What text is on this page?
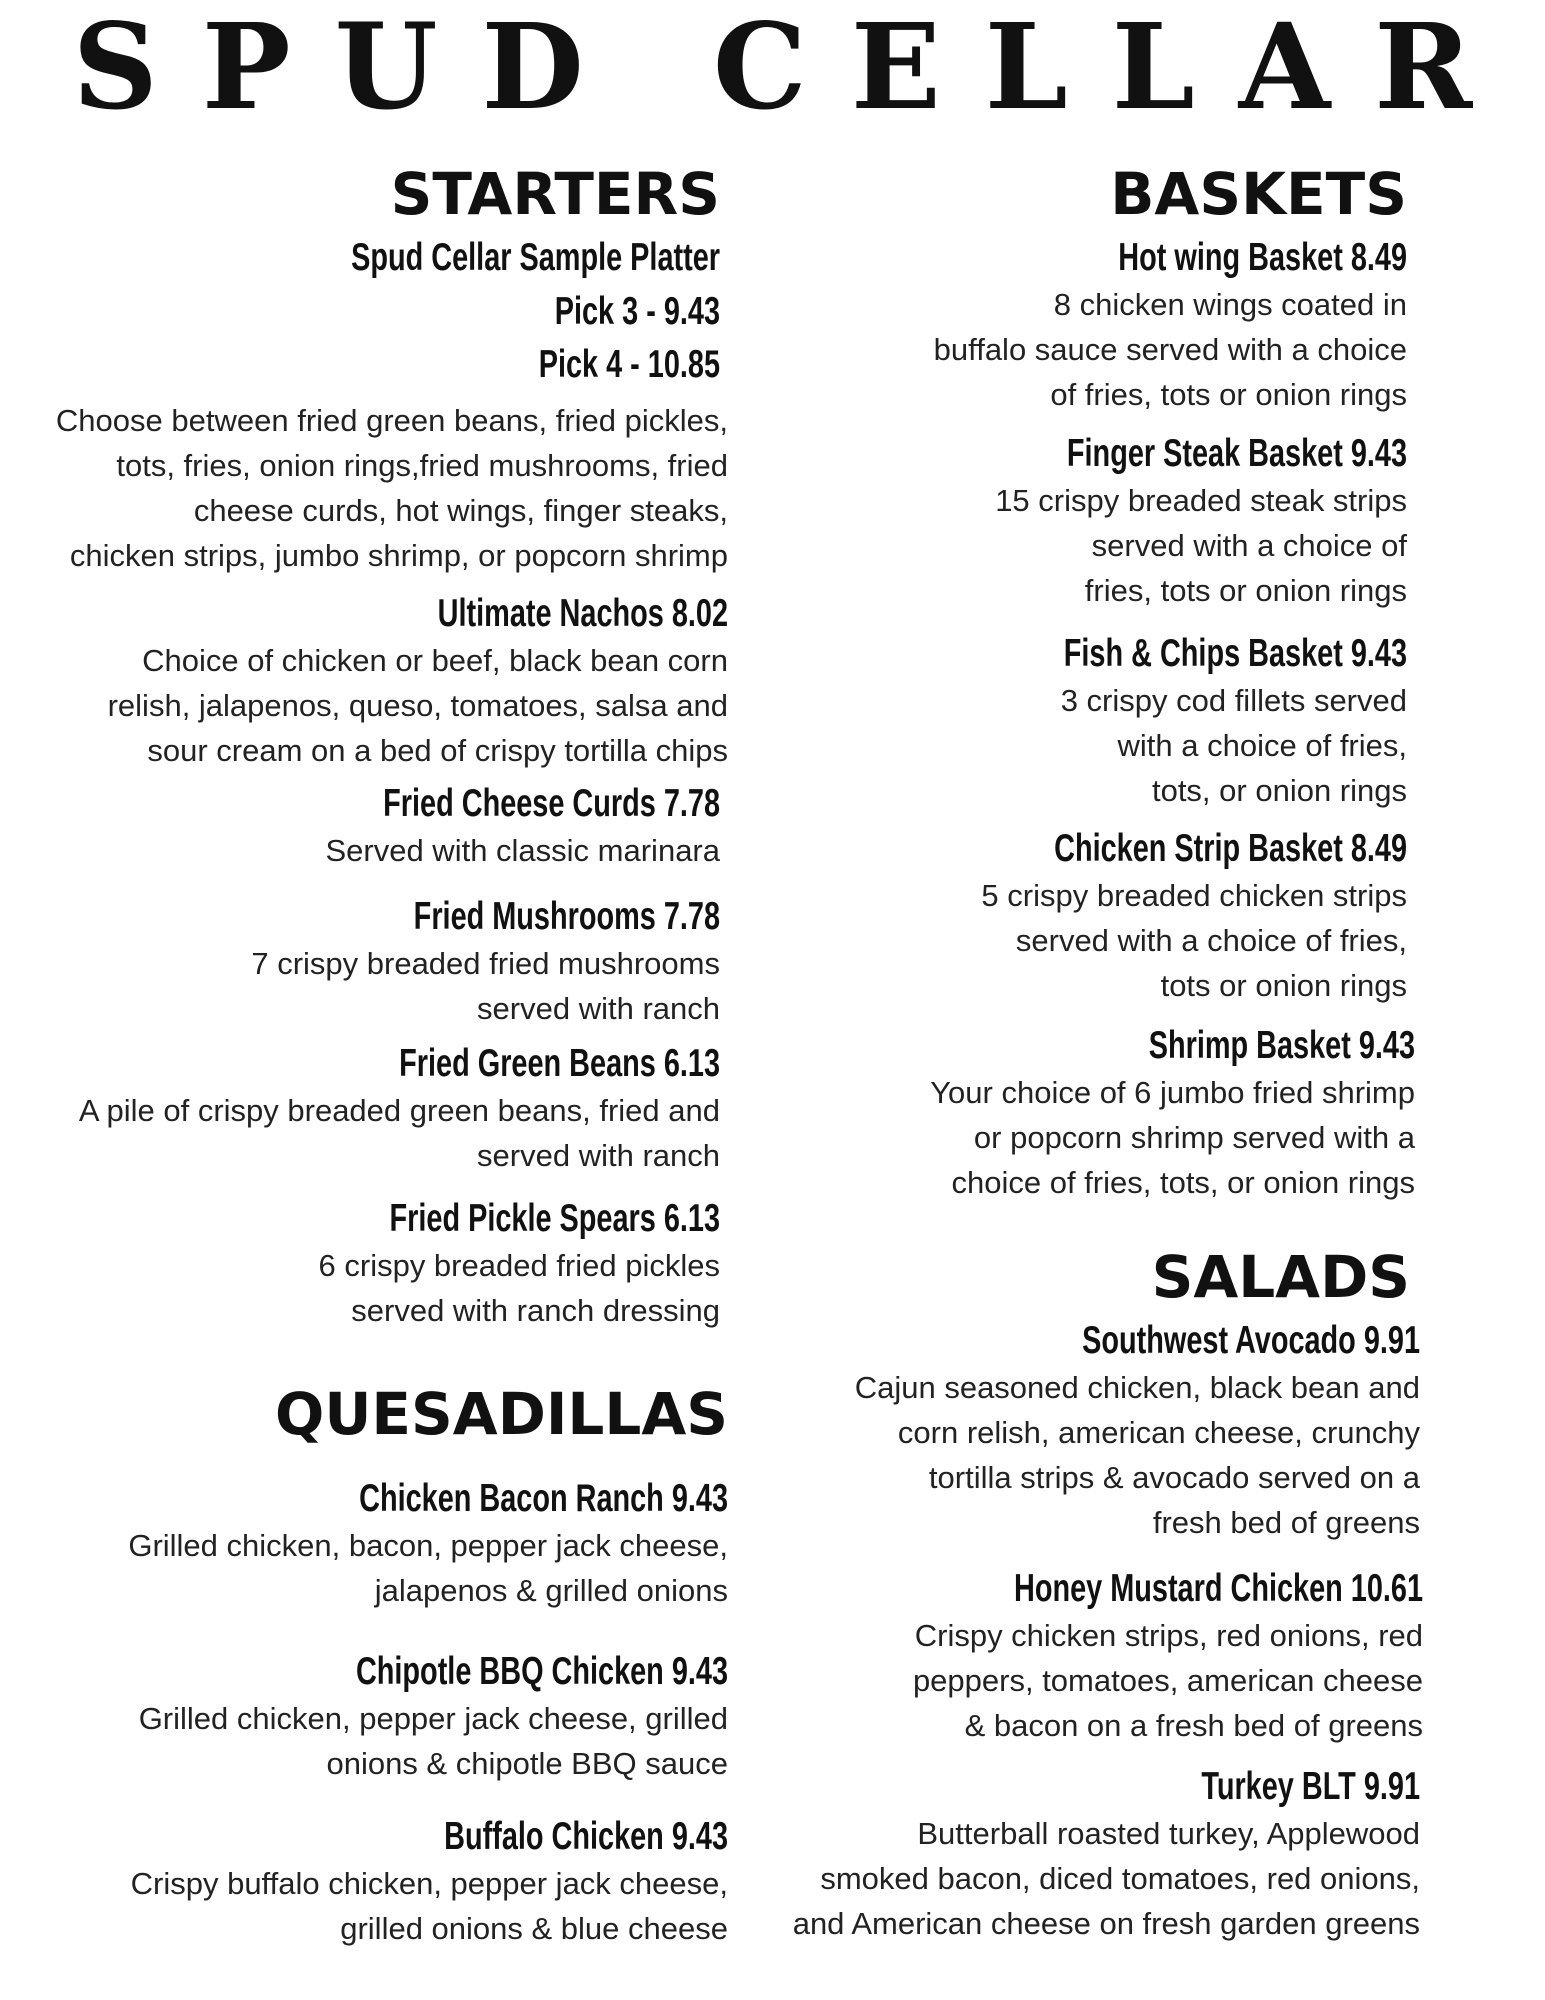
SPUD CELLAR
STARTERS
Spud Cellar Sample Platter
Pick 3 - 9.43
Pick 4 - 10.85
Choose between fried green beans, fried pickles,
tots, fries, onion rings,fried mushrooms, fried
cheese curds, hot wings, finger steaks,
chicken strips, jumbo shrimp, or popcorn shrimp
Ultimate Nachos 8.02
Choice of chicken or beef, black bean corn
relish, jalapenos, queso, tomatoes, salsa and
sour cream on a bed of crispy tortilla chips
Fried Cheese Curds 7.78
Served with classic marinara
Fried Mushrooms 7.78
7 crispy breaded fried mushrooms
served with ranch
Fried Green Beans 6.13
A pile of crispy breaded green beans, fried and
served with ranch
Fried Pickle Spears 6.13
6 crispy breaded fried pickles
served with ranch dressing
QUESADILLAS
Chicken Bacon Ranch 9.43
Grilled chicken, bacon, pepper jack cheese,
jalapenos & grilled onions
Chipotle BBQ Chicken 9.43
Grilled chicken, pepper jack cheese, grilled
onions & chipotle BBQ sauce
Buffalo Chicken 9.43
Crispy buffalo chicken, pepper jack cheese,
grilled onions & blue cheese
BASKETS
Hot wing Basket 8.49
8 chicken wings coated in
buffalo sauce served with a choice
of fries, tots or onion rings
Finger Steak Basket 9.43
15 crispy breaded steak strips
served with a choice of
fries, tots or onion rings
Fish & Chips Basket 9.43
3 crispy cod fillets served
with a choice of fries,
tots, or onion rings
Chicken Strip Basket 8.49
5 crispy breaded chicken strips
served with a choice of fries,
tots or onion rings
Shrimp Basket 9.43
Your choice of 6 jumbo fried shrimp
or popcorn shrimp served with a
choice of fries, tots, or onion rings
SALADS
Southwest Avocado 9.91
Cajun seasoned chicken, black bean and
corn relish, american cheese, crunchy
tortilla strips & avocado served on a
fresh bed of greens
Honey Mustard Chicken 10.61
Crispy chicken strips, red onions, red
peppers, tomatoes, american cheese
& bacon on a fresh bed of greens
Turkey BLT 9.91
Butterball roasted turkey, Applewood
smoked bacon, diced tomatoes, red onions,
and American cheese on fresh garden greens
